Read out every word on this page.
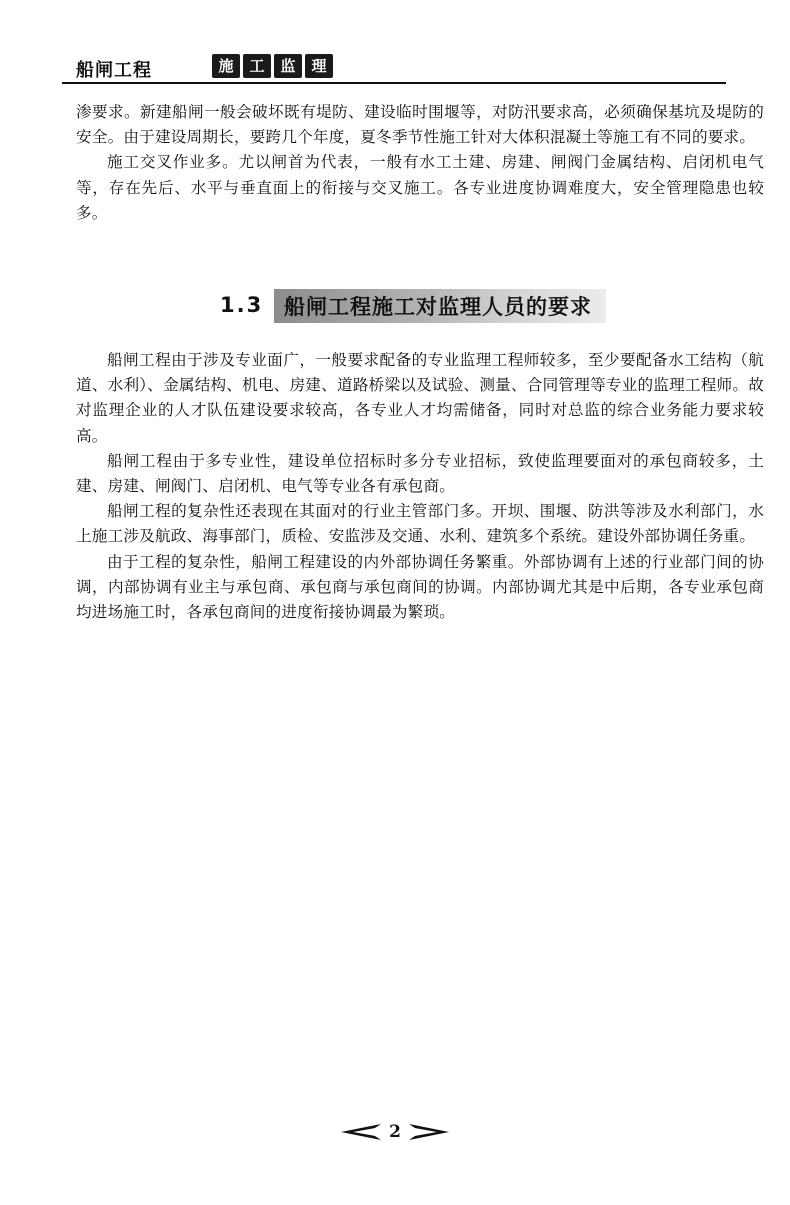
船闸工程	施	工	监	理

渗要求。新建船闸一般会破坏既有堤防、建设临时围堰等，对防汛要求高，必须确保基坑及堤防的安全。由于建设周期长，要跨几个年度，夏冬季节性施工针对大体积混凝土等施工有不同的要求。

施工交叉作业多。尤以闸首为代表，一般有水工土建、房建、闸阀门金属结构、启闭机电气等，存在先后、水平与垂直面上的衔接与交叉施工。各专业进度协调难度大，安全管理隐患也较多。

1.3 船闸工程施工对监理人员的要求

船闸工程由于涉及专业面广，一般要求配备的专业监理工程师较多，至少要配备水工结构（航道、水利）、金属结构、机电、房建、道路桥梁以及试验、测量、合同管理等专业的监理工程师。故对监理企业的人才队伍建设要求较高，各专业人才均需储备，同时对总监的综合业务能力要求较高。

船闸工程由于多专业性，建设单位招标时多分专业招标，致使监理要面对的承包商较多，土建、房建、闸阀门、启闭机、电气等专业各有承包商。

船闸工程的复杂性还表现在其面对的行业主管部门多。开坝、围堰、防洪等涉及水利部门，水上施工涉及航政、海事部门，质检、安监涉及交通、水利、建筑多个系统。建设外部协调任务重。

由于工程的复杂性，船闸工程建设的内外部协调任务繁重。外部协调有上述的行业部门间的协调，内部协调有业主与承包商、承包商与承包商间的协调。内部协调尤其是中后期，各专业承包商均进场施工时，各承包商间的进度衔接协调最为繁琐。

2
